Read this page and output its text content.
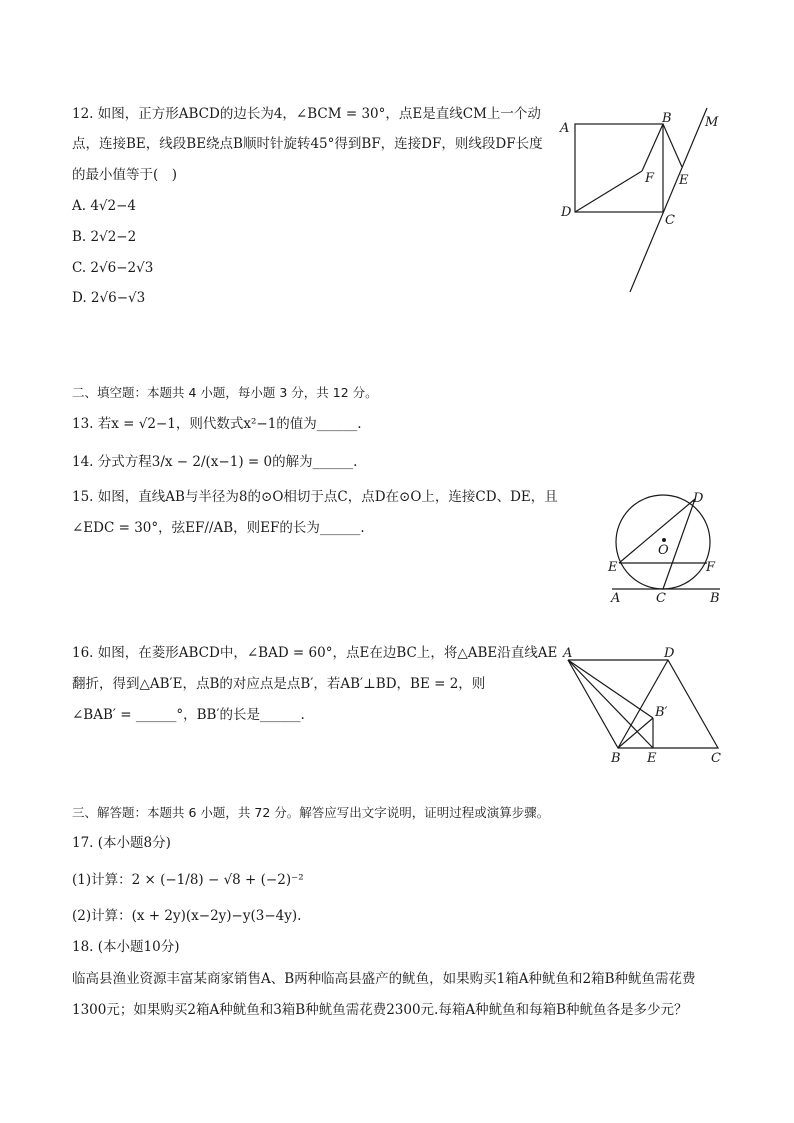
12. 如图，正方形ABCD的边长为4，∠BCM = 30°，点E是直线CM上一个动
点，连接BE，线段BE绕点B顺时针旋转45°得到BF，连接DF，则线段DF长度
的最小值等于(　)
A. 4√2−4
B. 2√2−2
C. 2√6−2√3
D. 2√6−√3
A
B
C
D
E
F
M
二、填空题：本题共 4 小题，每小题 3 分，共 12 分。
13. 若x = √2−1，则代数式x²−1的值为______.
14. 分式方程3/x − 2/(x−1) = 0的解为______.
15. 如图，直线AB与半径为8的⊙O相切于点C，点D在⊙O上，连接CD、DE，且
∠EDC = 30°，弦EF//AB，则EF的长为______.
D
O
E	F
A	C	B
16. 如图，在菱形ABCD中，∠BAD = 60°，点E在边BC上，将△ABE沿直线AE
翻折，得到△AB′E，点B的对应点是点B′，若AB′⊥BD，BE = 2，则
∠BAB′ = ______°，BB′的长是______.
A	D
B′
B E	C
三、解答题：本题共 6 小题，共 72 分。解答应写出文字说明，证明过程或演算步骤。
17. (本小题8分)
(1)计算：2 × (−1/8) − √8 + (−2)⁻²
(2)计算：(x + 2y)(x−2y)−y(3−4y).
18. (本小题10分)
临高县渔业资源丰富某商家销售A、B两种临高县盛产的鱿鱼，如果购买1箱A种鱿鱼和2箱B种鱿鱼需花费
1300元；如果购买2箱A种鱿鱼和3箱B种鱿鱼需花费2300元.每箱A种鱿鱼和每箱B种鱿鱼各是多少元？
